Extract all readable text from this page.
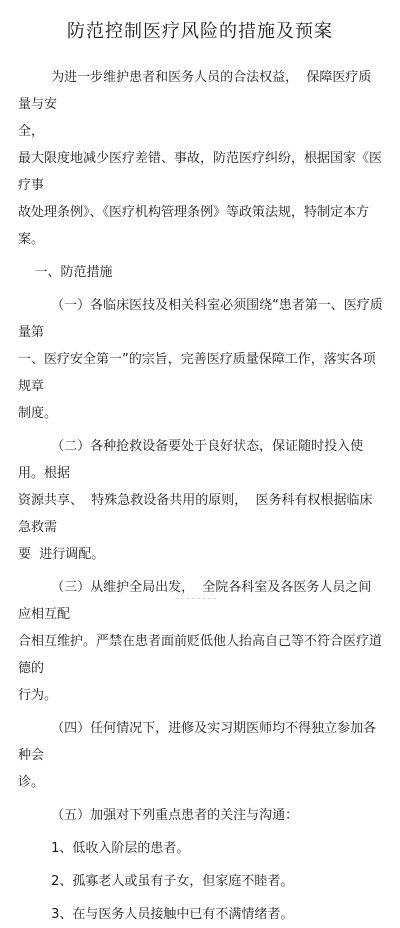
防范控制医疗风险的措施及预案

为进一步维护患者和医务人员的合法权益，  保障医疗质量与安

全，

最大限度地减少医疗差错、事故，防范医疗纠纷，根据国家《医疗事

故处理条例》、《医疗机构管理条例》等政策法规，特制定本方案。

一、防范措施

（一）各临床医技及相关科室必须围绕“患者第一、医疗质量第

一、医疗安全第一”的宗旨，完善医疗质量保障工作，落实各项规章

制度。

（二）各种抢救设备要处于良好状态，保证随时投入使用。根据

资源共享、  特殊急救设备共用的原则，  医务科有权根据临床急救需

要  进行调配。

（三）从维护全局出发，  全院各科室及各医务人员之间应相互配

合相互维护。严禁在患者面前贬低他人抬高自己等不符合医疗道德的

行为。

（四）任何情况下，进修及实习期医师均不得独立参加各种会

诊。

（五）加强对下列重点患者的关注与沟通：

1、低收入阶层的患者。

2、孤寡老人或虽有子女，但家庭不睦者。

3、在与医务人员接触中已有不满情绪者。
